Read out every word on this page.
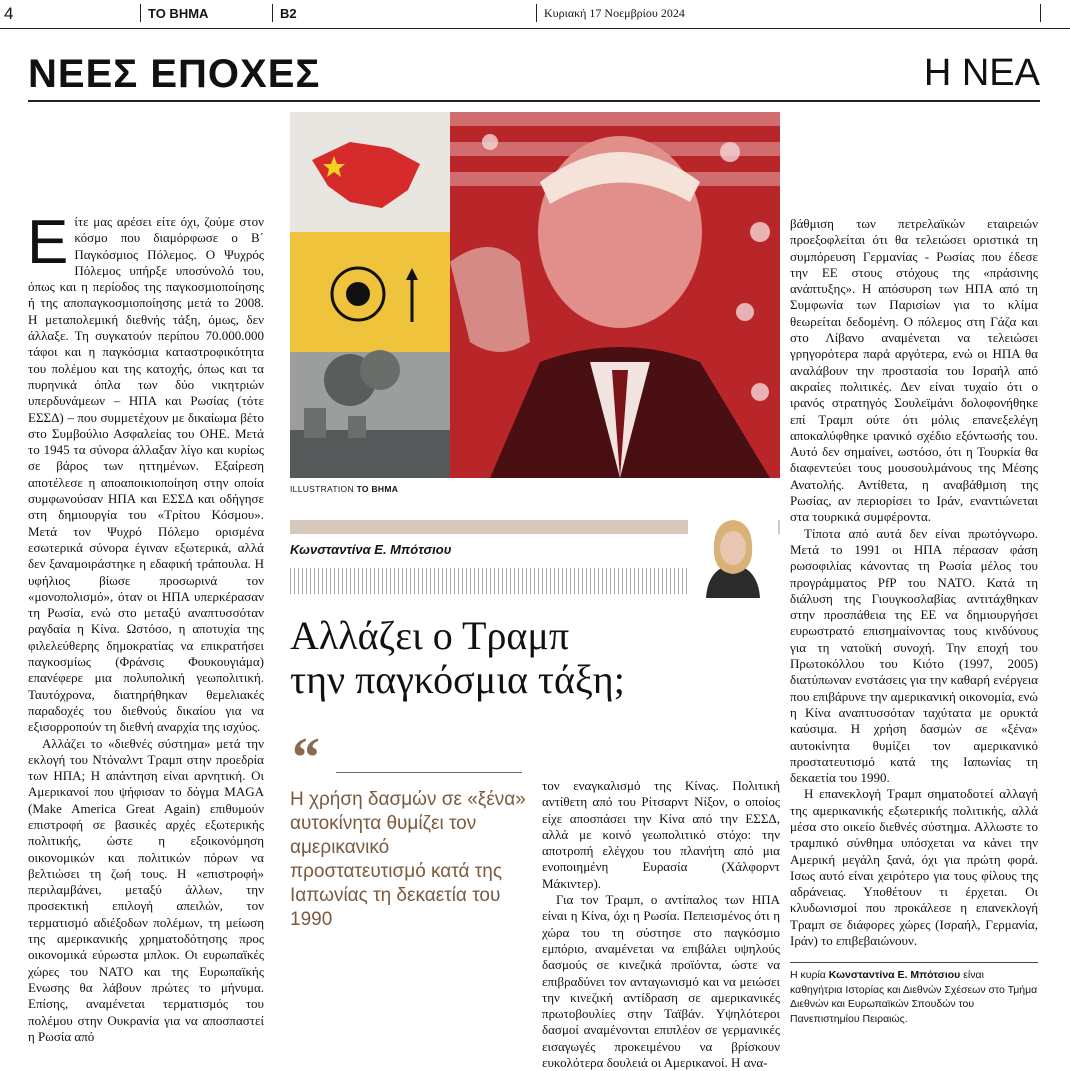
4	ΤΟ ΒΗΜΑ	B2	Κυριακή 17 Νοεμβρίου 2024
ΝΕΕΣ ΕΠΟΧΕΣ	Η ΝΕΑ

Είτε μας αρέσει είτε όχι, ζούμε στον κόσμο που διαμόρφωσε ο Β΄ Παγκόσμιος Πόλεμος. Ο Ψυχρός Πόλεμος υπήρξε υποσύνολό του, όπως και η περίοδος της παγκοσμιοποίησης ή της αποπαγκοσμιοποίησης μετά το 2008. Η μεταπολεμική διεθνής τάξη, όμως, δεν άλλαξε. Τη συγκατούν περίπου 70.000.000 τάφοι και η παγκόσμια καταστροφικότητα του πολέμου και της κατοχής, όπως και τα πυρηνικά όπλα των δύο νικητριών υπερδυνάμεων – ΗΠΑ και Ρωσίας (τότε ΕΣΣΔ) – που συμμετέχουν με δικαίωμα βέτο στο Συμβούλιο Ασφαλείας του ΟΗΕ. Μετά το 1945 τα σύνορα άλλαξαν λίγο και κυρίως σε βάρος των ηττημένων. Εξαίρεση αποτέλεσε η αποαποικιοποίηση στην οποία συμφωνούσαν ΗΠΑ και ΕΣΣΔ και οδήγησε στη δημιουργία του «Τρίτου Κόσμου». Μετά τον Ψυχρό Πόλεμο ορισμένα εσωτερικά σύνορα έγιναν εξωτερικά, αλλά δεν ξαναμοιράστηκε η εδαφική τράπουλα. Η υφήλιος βίωσε προσωρινά τον «μονοπολισμό», όταν οι ΗΠΑ υπερκέρασαν τη Ρωσία, ενώ στο μεταξύ αναπτυσσόταν ραγδαία η Κίνα. Ωστόσο, η αποτυχία της φιλελεύθερης δημοκρατίας να επικρατήσει παγκοσμίως (Φράνσις Φουκουγιάμα) επανέφερε μια πολυπολική γεωπολιτική. Ταυτόχρονα, διατηρήθηκαν θεμελιακές παραδοχές του διεθνούς δικαίου για να εξισορροπούν τη διεθνή αναρχία της ισχύος.

Αλλάζει το «διεθνές σύστημα» μετά την εκλογή του Ντόναλντ Τραμπ στην προεδρία των ΗΠΑ; Η απάντηση είναι αρνητική. Οι Αμερικανοί που ψήφισαν το δόγμα MAGA (Make America Great Again) επιθυμούν επιστροφή σε βασικές αρχές εξωτερικής πολιτικής, ώστε η εξοικονόμηση οικονομικών και πολιτικών πόρων να βελτιώσει τη ζωή τους. Η «επιστροφή» περιλαμβάνει, μεταξύ άλλων, την προσεκτική επιλογή απειλών, τον τερματισμό αδιέξοδων πολέμων, τη μείωση της αμερικανικής χρηματοδότησης προς οικονομικά εύρωστα μπλοκ. Οι ευρωπαϊκές χώρες του ΝΑΤΟ και της Ευρωπαϊκής Ενωσης θα λάβουν πρώτες το μήνυμα. Επίσης, αναμένεται τερματισμός του πολέμου στην Ουκρανία για να αποσπαστεί η Ρωσία από

ILLUSTRATION ΤΟ ΒΗΜΑ
Κωνσταντίνα Ε. Μπότσιου
Αλλάζει ο Τραμπ
την παγκόσμια τάξη;
“
Η χρήση δασμών σε «ξένα» αυτοκίνητα θυμίζει τον αμερικανικό προστατευτισμό κατά της Ιαπωνίας τη δεκαετία του 1990

τον εναγκαλισμό της Κίνας. Πολιτική αντίθετη από του Ρίτσαρντ Νίξον, ο οποίος είχε αποσπάσει την Κίνα από την ΕΣΣΔ, αλλά με κοινό γεωπολιτικό στόχο: την αποτροπή ελέγχου του πλανήτη από μια ενοποιημένη Ευρασία (Χάλφορντ Μάκιντερ).

Για τον Τραμπ, ο αντίπαλος των ΗΠΑ είναι η Κίνα, όχι η Ρωσία. Πεπεισμένος ότι η χώρα του τη σύστησε στο παγκόσμιο εμπόριο, αναμένεται να επιβάλει υψηλούς δασμούς σε κινεζικά προϊόντα, ώστε να επιβραδύνει τον ανταγωνισμό και να μειώσει την κινεζική αντίδραση σε αμερικανικές πρωτοβουλίες στην Ταϊβάν. Υψηλότεροι δασμοί αναμένονται επιπλέον σε γερμανικές εισαγωγές προκειμένου να βρίσκουν ευκολότερα δουλειά οι Αμερικανοί. Η ανα-

βάθμιση των πετρελαϊκών εταιρειών προεξοφλείται ότι θα τελειώσει οριστικά τη συμπόρευση Γερμανίας - Ρωσίας που έδεσε την ΕΕ στους στόχους της «πράσινης ανάπτυξης». Η απόσυρση των ΗΠΑ από τη Συμφωνία των Παρισίων για το κλίμα θεωρείται δεδομένη. Ο πόλεμος στη Γάζα και στο Λίβανο αναμένεται να τελειώσει γρηγορότερα παρά αργότερα, ενώ οι ΗΠΑ θα αναλάβουν την προστασία του Ισραήλ από ακραίες πολιτικές. Δεν είναι τυχαίο ότι ο ιρανός στρατηγός Σουλεϊμάνι δολοφονήθηκε επί Τραμπ ούτε ότι μόλις επανεξελέγη αποκαλύφθηκε ιρανικό σχέδιο εξόντωσής του. Αυτό δεν σημαίνει, ωστόσο, ότι η Τουρκία θα διαφεντεύει τους μουσουλμάνους της Μέσης Ανατολής. Αντίθετα, η αναβάθμιση της Ρωσίας, αν περιορίσει το Ιράν, εναντιώνεται στα τουρκικά συμφέροντα.

Τίποτα από αυτά δεν είναι πρωτόγνωρο. Μετά το 1991 οι ΗΠΑ πέρασαν φάση ρωσοφιλίας κάνοντας τη Ρωσία μέλος του προγράμματος PfP του ΝΑΤΟ. Κατά τη διάλυση της Γιουγκοσλαβίας αντιτάχθηκαν στην προσπάθεια της ΕΕ να δημιουργήσει ευρωστρατό επισημαίνοντας τους κινδύνους για τη νατοϊκή συνοχή. Την εποχή του Πρωτοκόλλου του Κιότο (1997, 2005) διατύπωναν ενστάσεις για την καθαρή ενέργεια που επιβάρυνε την αμερικανική οικονομία, ενώ η Κίνα αναπτυσσόταν ταχύτατα με ορυκτά καύσιμα. Η χρήση δασμών σε «ξένα» αυτοκίνητα θυμίζει τον αμερικανικό προστατευτισμό κατά της Ιαπωνίας τη δεκαετία του 1990.

Η επανεκλογή Τραμπ σηματοδοτεί αλλαγή της αμερικανικής εξωτερικής πολιτικής, αλλά μέσα στο οικείο διεθνές σύστημα. Αλλωστε το τραμπικό σύνθημα υπόσχεται να κάνει την Αμερική μεγάλη ξανά, όχι για πρώτη φορά. Ισως αυτό είναι χειρότερο για τους φίλους της αδράνειας. Υποθέτουν τι έρχεται. Οι κλυδωνισμοί που προκάλεσε η επανεκλογή Τραμπ σε διάφορες χώρες (Ισραήλ, Γερμανία, Ιράν) το επιβεβαιώνουν.

Η κυρία Κωνσταντίνα Ε. Μπότσιου είναι καθηγήτρια Ιστορίας και Διεθνών Σχέσεων στο Τμήμα Διεθνών και Ευρωπαϊκών Σπουδών του Πανεπιστημίου Πειραιώς.
